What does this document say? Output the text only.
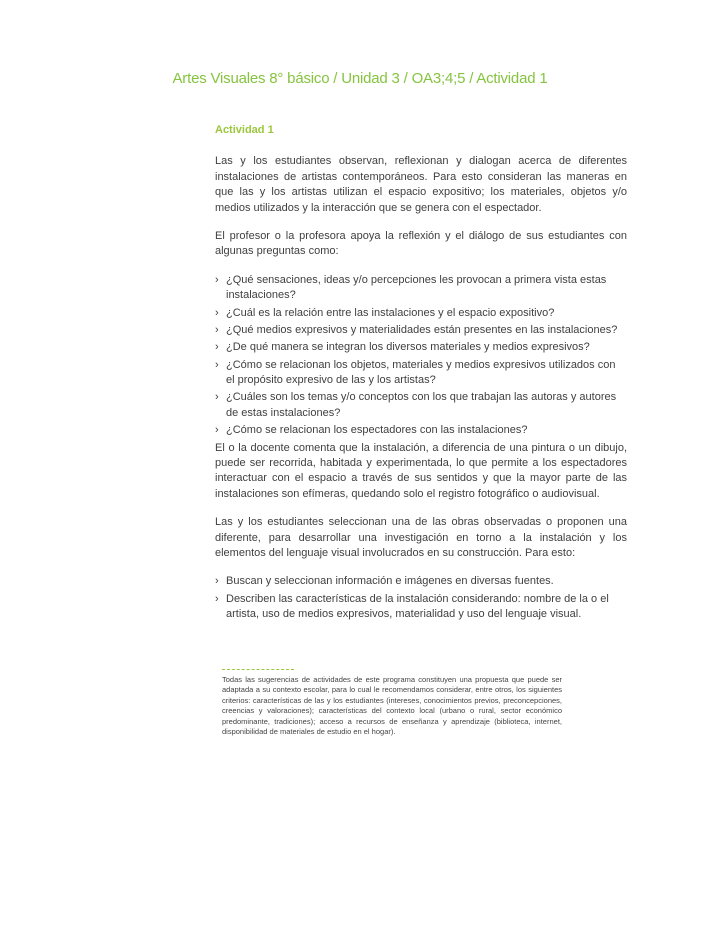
Artes Visuales 8° básico / Unidad 3 / OA3;4;5 / Actividad 1
Actividad 1

Las y los estudiantes observan, reflexionan y dialogan acerca de diferentes instalaciones de artistas contemporáneos. Para esto consideran las maneras en que las y los artistas utilizan el espacio expositivo; los materiales, objetos y/o medios utilizados y la interacción que se genera con el espectador.

El profesor o la profesora apoya la reflexión y el diálogo de sus estudiantes con algunas preguntas como:

› ¿Qué sensaciones, ideas y/o percepciones les provocan a primera vista estas instalaciones?
› ¿Cuál es la relación entre las instalaciones y el espacio expositivo?
› ¿Qué medios expresivos y materialidades están presentes en las instalaciones?
› ¿De qué manera se integran los diversos materiales y medios expresivos?
› ¿Cómo se relacionan los objetos, materiales y medios expresivos utilizados con el propósito expresivo de las y los artistas?
› ¿Cuáles son los temas y/o conceptos con los que trabajan las autoras y autores de estas instalaciones?
› ¿Cómo se relacionan los espectadores con las instalaciones?

El o la docente comenta que la instalación, a diferencia de una pintura o un dibujo, puede ser recorrida, habitada y experimentada, lo que permite a los espectadores interactuar con el espacio a través de sus sentidos y que la mayor parte de las instalaciones son efímeras, quedando solo el registro fotográfico o audiovisual.

Las y los estudiantes seleccionan una de las obras observadas o proponen una diferente, para desarrollar una investigación en torno a la instalación y los elementos del lenguaje visual involucrados en su construcción. Para esto:

› Buscan y seleccionan información e imágenes en diversas fuentes.
› Describen las características de la instalación considerando: nombre de la o el artista, uso de medios expresivos, materialidad y uso del lenguaje visual.
Todas las sugerencias de actividades de este programa constituyen una propuesta que puede ser adaptada a su contexto escolar, para lo cual le recomendamos considerar, entre otros, los siguientes criterios: características de las y los estudiantes (intereses, conocimientos previos, preconcepciones, creencias y valoraciones); características del contexto local (urbano o rural, sector económico predominante, tradiciones); acceso a recursos de enseñanza y aprendizaje (biblioteca, internet, disponibilidad de materiales de estudio en el hogar).
